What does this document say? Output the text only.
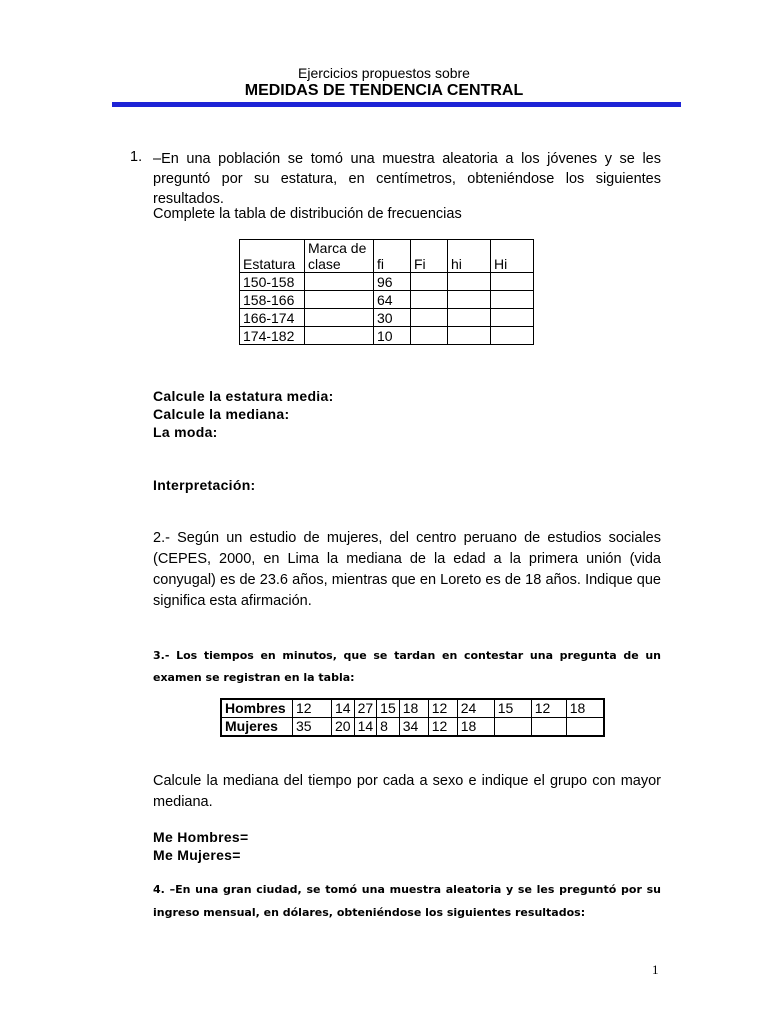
Ejercicios propuestos sobre
MEDIDAS DE TENDENCIA CENTRAL
1. –En una población se tomó una muestra aleatoria a los jóvenes y se les preguntó por su estatura, en centímetros, obteniéndose los siguientes resultados.
Complete la tabla de distribución de frecuencias
Estatura	Marca de clase	fi	Fi	hi	Hi
150-158		96			
158-166		64			
166-174		30			
174-182		10			
Calcule la estatura media:
Calcule la mediana:
La moda:
Interpretación:
2.- Según un estudio de mujeres, del centro peruano de estudios sociales (CEPES, 2000, en Lima la mediana de la edad a la primera unión (vida conyugal) es de 23.6 años, mientras que en Loreto es de 18 años. Indique que significa esta afirmación.
3.- Los tiempos en minutos, que se tardan en contestar una pregunta de un examen se registran en la tabla:
Hombres	12	14	27	15	18	12	24	15	12	18
Mujeres	35	20	14	8	34	12	18			
Calcule la mediana del tiempo por cada a sexo e indique el grupo con mayor mediana.
Me Hombres=
Me Mujeres=
4. –En una gran ciudad, se tomó una muestra aleatoria y se les preguntó por su ingreso mensual, en dólares, obteniéndose los siguientes resultados:
1
